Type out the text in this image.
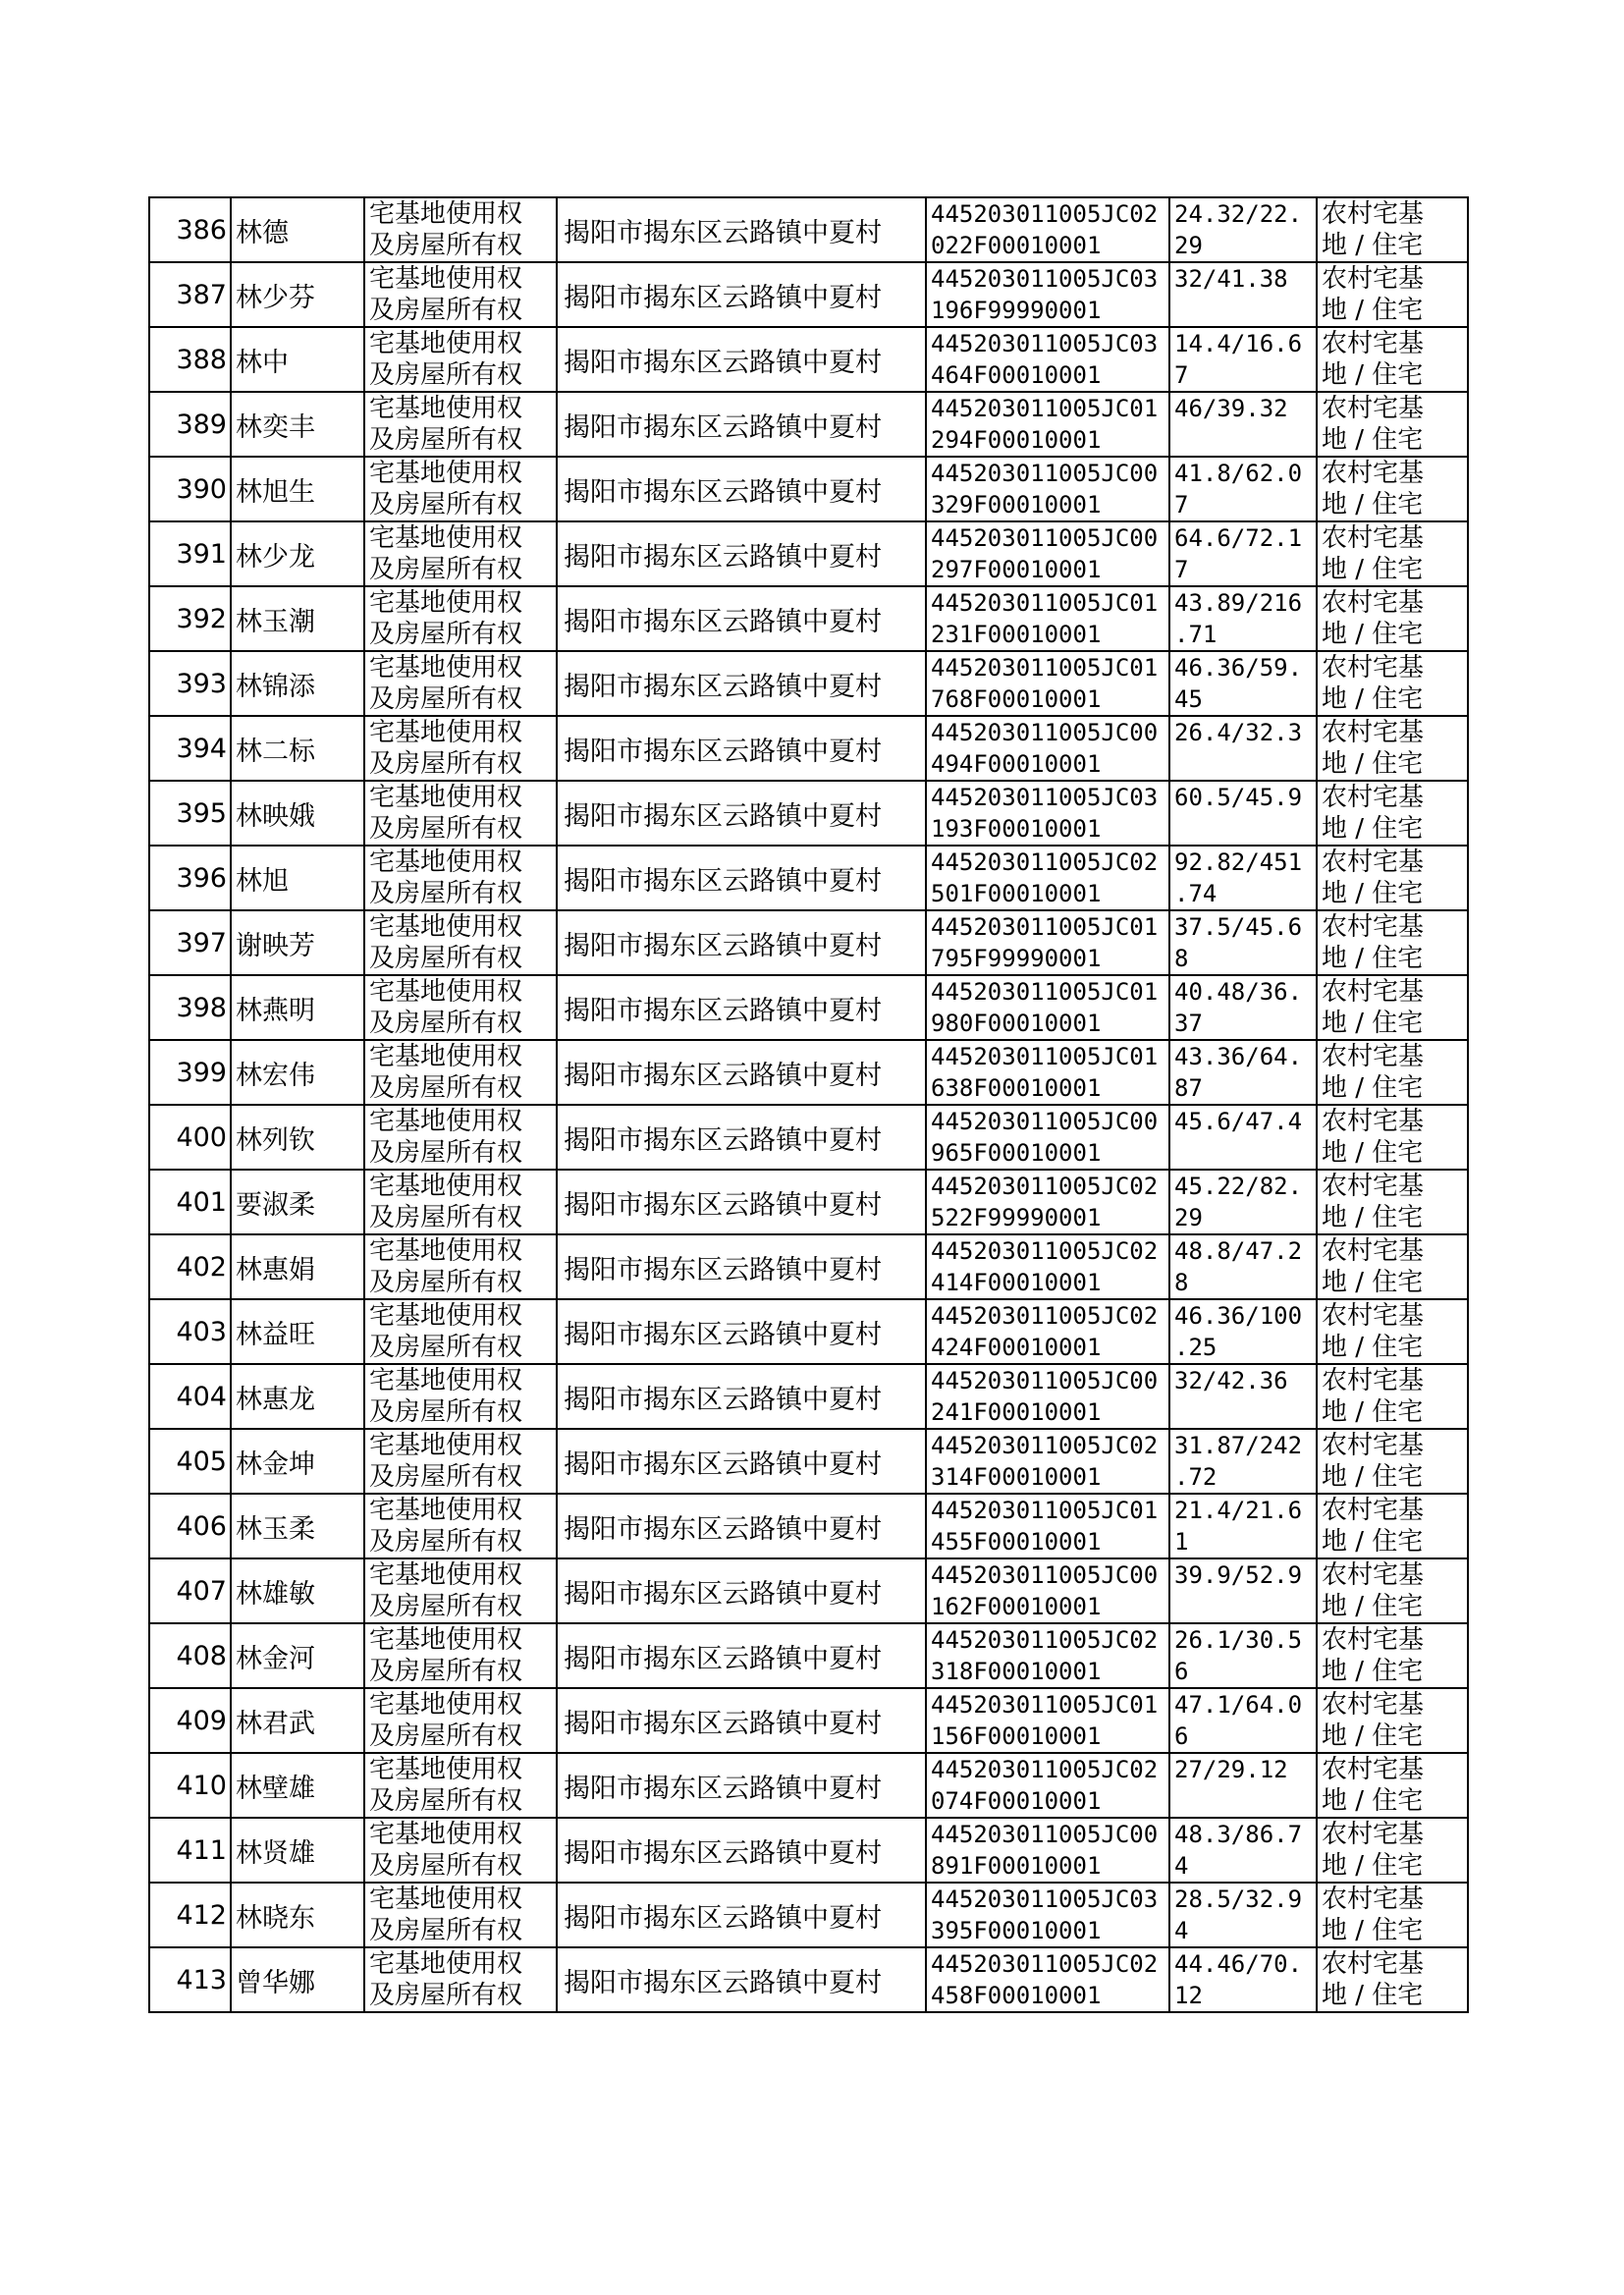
386	林德	宅基地使用权
及房屋所有权	揭阳市揭东区云路镇中夏村	445203011005JC02
022F00010001	24.32/22.
29	农村宅基
地 / 住宅

387	林少芬	宅基地使用权
及房屋所有权	揭阳市揭东区云路镇中夏村	445203011005JC03
196F99990001	32/41.38	农村宅基
地 / 住宅

388	林中	宅基地使用权
及房屋所有权	揭阳市揭东区云路镇中夏村	445203011005JC03
464F00010001	14.4/16.6
7	农村宅基
地 / 住宅

389	林奕丰	宅基地使用权
及房屋所有权	揭阳市揭东区云路镇中夏村	445203011005JC01
294F00010001	46/39.32	农村宅基
地 / 住宅

390	林旭生	宅基地使用权
及房屋所有权	揭阳市揭东区云路镇中夏村	445203011005JC00
329F00010001	41.8/62.0
7	农村宅基
地 / 住宅

391	林少龙	宅基地使用权
及房屋所有权	揭阳市揭东区云路镇中夏村	445203011005JC00
297F00010001	64.6/72.1
7	农村宅基
地 / 住宅

392	林玉潮	宅基地使用权
及房屋所有权	揭阳市揭东区云路镇中夏村	445203011005JC01
231F00010001	43.89/216
.71	农村宅基
地 / 住宅

393	林锦添	宅基地使用权
及房屋所有权	揭阳市揭东区云路镇中夏村	445203011005JC01
768F00010001	46.36/59.
45	农村宅基
地 / 住宅

394	林二标	宅基地使用权
及房屋所有权	揭阳市揭东区云路镇中夏村	445203011005JC00
494F00010001	26.4/32.3	农村宅基
地 / 住宅

395	林映娥	宅基地使用权
及房屋所有权	揭阳市揭东区云路镇中夏村	445203011005JC03
193F00010001	60.5/45.9	农村宅基
地 / 住宅

396	林旭	宅基地使用权
及房屋所有权	揭阳市揭东区云路镇中夏村	445203011005JC02
501F00010001	92.82/451
.74	农村宅基
地 / 住宅

397	谢映芳	宅基地使用权
及房屋所有权	揭阳市揭东区云路镇中夏村	445203011005JC01
795F99990001	37.5/45.6
8	农村宅基
地 / 住宅

398	林燕明	宅基地使用权
及房屋所有权	揭阳市揭东区云路镇中夏村	445203011005JC01
980F00010001	40.48/36.
37	农村宅基
地 / 住宅

399	林宏伟	宅基地使用权
及房屋所有权	揭阳市揭东区云路镇中夏村	445203011005JC01
638F00010001	43.36/64.
87	农村宅基
地 / 住宅

400	林列钦	宅基地使用权
及房屋所有权	揭阳市揭东区云路镇中夏村	445203011005JC00
965F00010001	45.6/47.4	农村宅基
地 / 住宅

401	要淑柔	宅基地使用权
及房屋所有权	揭阳市揭东区云路镇中夏村	445203011005JC02
522F99990001	45.22/82.
29	农村宅基
地 / 住宅

402	林惠娟	宅基地使用权
及房屋所有权	揭阳市揭东区云路镇中夏村	445203011005JC02
414F00010001	48.8/47.2
8	农村宅基
地 / 住宅

403	林益旺	宅基地使用权
及房屋所有权	揭阳市揭东区云路镇中夏村	445203011005JC02
424F00010001	46.36/100
.25	农村宅基
地 / 住宅

404	林惠龙	宅基地使用权
及房屋所有权	揭阳市揭东区云路镇中夏村	445203011005JC00
241F00010001	32/42.36	农村宅基
地 / 住宅

405	林金坤	宅基地使用权
及房屋所有权	揭阳市揭东区云路镇中夏村	445203011005JC02
314F00010001	31.87/242
.72	农村宅基
地 / 住宅

406	林玉柔	宅基地使用权
及房屋所有权	揭阳市揭东区云路镇中夏村	445203011005JC01
455F00010001	21.4/21.6
1	农村宅基
地 / 住宅

407	林雄敏	宅基地使用权
及房屋所有权	揭阳市揭东区云路镇中夏村	445203011005JC00
162F00010001	39.9/52.9	农村宅基
地 / 住宅

408	林金河	宅基地使用权
及房屋所有权	揭阳市揭东区云路镇中夏村	445203011005JC02
318F00010001	26.1/30.5
6	农村宅基
地 / 住宅

409	林君武	宅基地使用权
及房屋所有权	揭阳市揭东区云路镇中夏村	445203011005JC01
156F00010001	47.1/64.0
6	农村宅基
地 / 住宅

410	林壁雄	宅基地使用权
及房屋所有权	揭阳市揭东区云路镇中夏村	445203011005JC02
074F00010001	27/29.12	农村宅基
地 / 住宅

411	林贤雄	宅基地使用权
及房屋所有权	揭阳市揭东区云路镇中夏村	445203011005JC00
891F00010001	48.3/86.7
4	农村宅基
地 / 住宅

412	林晓东	宅基地使用权
及房屋所有权	揭阳市揭东区云路镇中夏村	445203011005JC03
395F00010001	28.5/32.9
4	农村宅基
地 / 住宅

413	曾华娜	宅基地使用权
及房屋所有权	揭阳市揭东区云路镇中夏村	445203011005JC02
458F00010001	44.46/70.
12	农村宅基
地 / 住宅
